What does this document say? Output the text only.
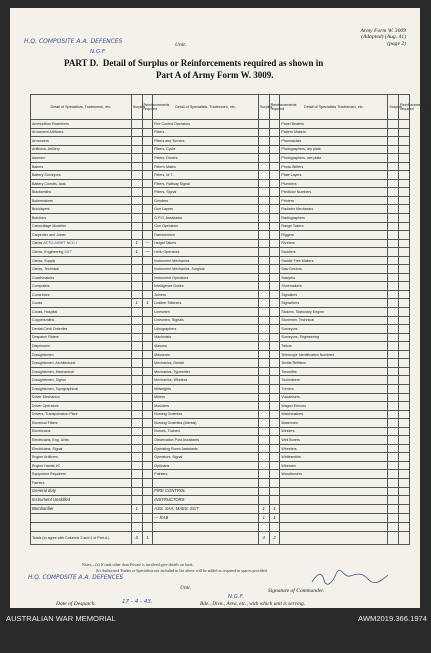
H.Q. COMPOSITE A.A. DEFENCES	Unit.
N.G.F.
Army Form W. 3009
(Adapted) (Aug. 41)
(page 2)
PART D. Detail of Surplus or Reinforcements required as shown in
Part A of Army Form W. 3009.
Detail of Specialists, Tradesmen, etc.	Surplus	Reinforcements required	Detail of Specialists, Tradesmen, etc.	Surplus	Reinforcements required	Detail of Specialists Tradesmen, etc.	Surplus	Reinforcements required
Ammunition Examiners			Fire Control Operators			Panel Beaters		
Armament Artificers			Fitters			Pattern Makers		
Armourers			Fitters and Turners			Pharmacists		
Artificers, Artillery			Fitters, Cycle			Photographers, dry plate		
Assmen			Fitters, Drivers			Photographers, wet plate		
Bakers			Fitter's Mates			Photo-Writers		
Battery Surveyors			Fitters, M.T.			Plate Layers		
Battery Comdts. Asst.			Fitters, Railway Signal			Plumbers		
Blacksmiths			Fitters, Signal			Predictor Numbers		
Boilermakers			Grinders			Printers		
Bricklayers			Gun Layers			Radiator Mechanics		
Butchers			G.P.O. Assistants			Radiographers		
Camouflage Modeller			Gun Operators			Range Takers		
Carpenter and Joiner			Hammermen			Riggers		
Clerks ACTG ARMIT NCO I	1	—	Height Takers			Riveters		
Clerks, Engineering SGT	1	—	Helio Operators			Saddlers		
Clerks, Supply			Instrument Mechanics			Saddle Tree Makers		
Clerks, Technical			Instrument Mechanics, Surgical			Saw Doctors		
Coachmakers			Instrument Operators			Sawyers		
Computers			Intelligence Duties			Shoemakers		
Concretors			Joiners			Signallers		
Cooks	1	1	Leather Stitchers			Signwriters		
Cooks, Hospital			Linesmen			Stokers, Stationary Engine		
Coppersmiths			Linesmen, Signals			Storemen, Technical		
Dental Clerk Orderlies			Lithographers			Surveyors		
Despatch Riders			Machinists			Surveyors, Engineering		
Dispensers			Masons			Tailors		
Draughtsmen			Masseurs			Telescope Identification Numbers		
Draughtsmen, Architectural			Mechanics, Dental			Textile Refitters		
Draughtsmen, Mechanical			Mechanics, Typewriter			Tinsmiths		
Draughtsmen, Signal			Mechanics, Wireless			Toolmakers		
Draughtsmen, Topographical			Millwrights			Turners		
Driver Mechanics			Miners			Vulcanisers		
Driver Operators			Moulders			Wagon Erecors		
Drivers, Transportation Plant			Nursing Orderlies			Watchmakers		
Electrical Fitters			Nursing Orderlies (Mental)			Watermen		
Electricians			Nurses, Trained			Welders		
Electricians, Eng. Units			Observation Post Assistants			Well Borers		
Electricians, Signal			Operating Room Assistants			Wheelers		
Engine Artificers			Operators, Signal			Whitesmiths		
Engine Hands I/C			Opticians			Wiremen		
Equipment Repairers			Painters			Woodturners		
Farriers								
General duty			FIRE CONTROL					
Instrument Unskilled			INSTRUCTORS					
Bombardier	1		ASS. SAA. MAES. SGT	1	1			
			— RAB	1	1			

Totals (to agree with Columns 3 and 4 of Part A.)	3	1		4	2			
Notes—(a) If rank other than Private is involved give details on back.
(b) Authorised Trades or Specialists not included in list above will be added as required in spaces provided.
H.Q. COMPOSITE A.A. DEFENCES
Unit.	Signature of Commander.
Date of Despatch.	17 - 4 - 43.
N.G.F.
Bde., Divn., Area, etc., with which unit is serving.
AUSTRALIAN WAR MEMORIAL	AWM2019.366.1974
